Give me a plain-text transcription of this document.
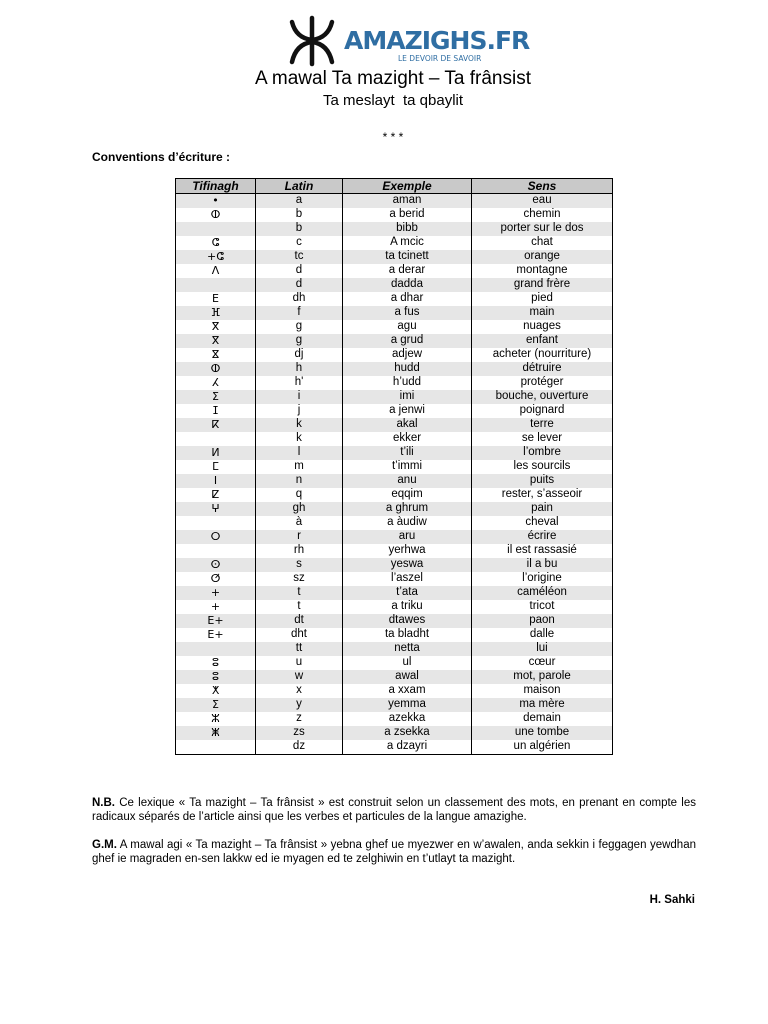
AMAZIGHS.FR
LE DEVOIR DE SAVOIR
A mawal Ta mazight – Ta frânsist
Ta meslayt  ta qbaylit
* * *
Conventions d’écriture :
Tifinagh	Latin	Exemple	Sens
•	a	aman	eau
ⵀ	b	a berid	chemin
	b	bibb	porter sur le dos
ⵛ	c	A mcic	chat
+ⵛ	tc	ta tcinett	orange
ⴷ	d	a derar	montagne
	d	dadda	grand frère
ⴹ	dh	a dhar	pied
ⴼ	f	a fus	main
ⴳ	g	agu	nuages
ⴳ	g	a grud	enfant
ⴵ	dj	adjew	acheter (nourriture)
ⵀ	h	hudd	détruire
ⵃ	h'	h’udd	protéger
ⵉ	i	imi	bouche, ouverture
ⵊ	j	a jenwi	poignard
ⴽ	k	akal	terre
	k	ekker	se lever
ⵍ	l	t’ili	l’ombre
ⵎ	m	t’immi	les sourcils
ⵏ	n	anu	puits
ⵇ	q	eqqim	rester, s’asseoir
ⵖ	gh	a ghrum	pain
	à	a àudiw	cheval
ⵔ	r	aru	écrire
	rh	yerhwa	il est rassasié
ⵙ	s	yeswa	il a bu
ⵚ	sz	l’aszel	l’origine
+	t	t’ata	caméléon
+	t	a triku	tricot
ⴹ+	dt	dtawes	paon
ⴹ+	dht	ta bladht	dalle
	tt	netta	lui
ⵓ	u	ul	cœur
ⵓ	w	awal	mot, parole
ⵅ	x	a xxam	maison
ⵉ	y	yemma	ma mère
ⵣ	z	azekka	demain
ⵥ	zs	a zsekka	une tombe
	dz	a dzayri	un algérien
N.B. Ce lexique « Ta mazight – Ta frânsist » est construit selon un classement des mots, en prenant en compte les radicaux séparés de l’article ainsi que les verbes et particules de la langue amazighe.
G.M. A mawal agi « Ta mazight – Ta frânsist » yebna ghef ue myezwer en w’awalen, anda sekkin i feggagen yewdhan ghef ie magraden en-sen lakkw ed ie myagen ed te zelghiwin en t’utlayt ta mazight.
H. Sahki
